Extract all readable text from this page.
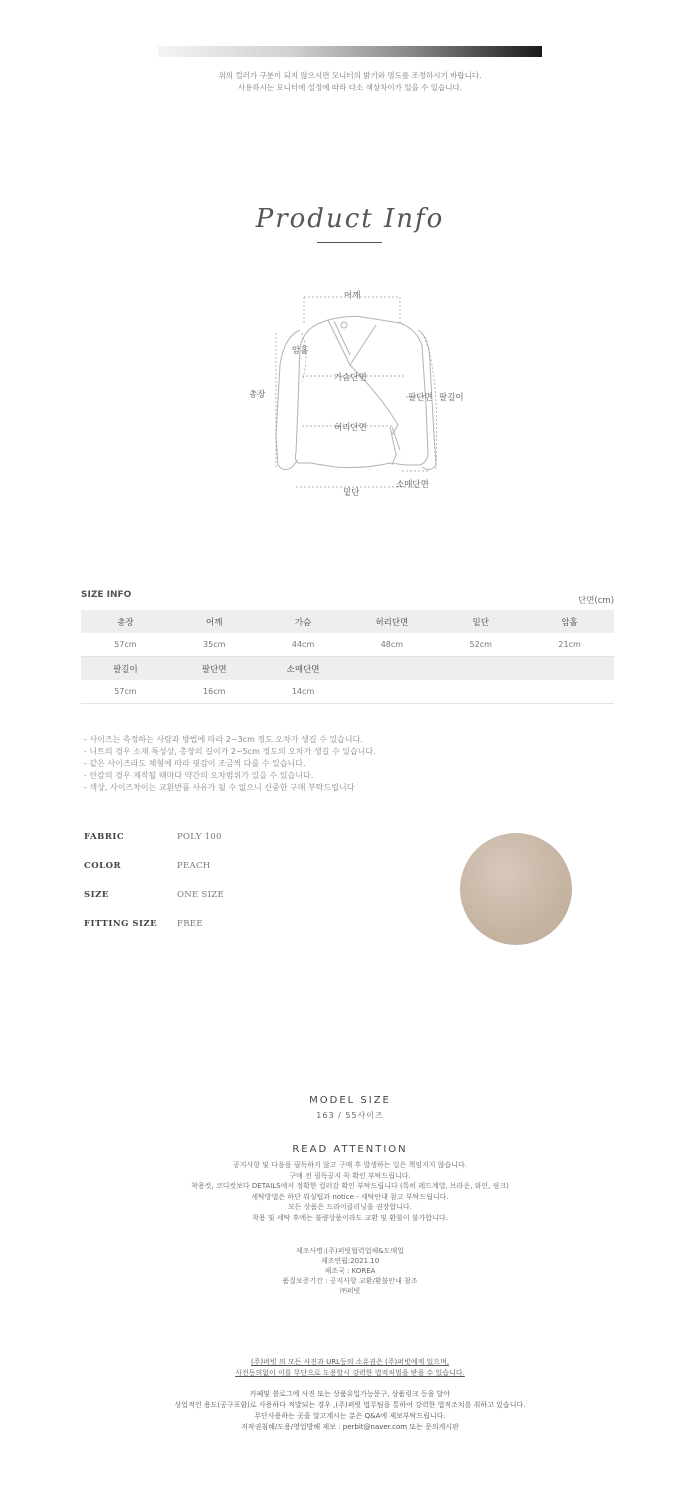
위의 컬러가 구분이 되지 않으시면 모니터의 밝기와 명도를 조정하시기 바랍니다.
사용하시는 모니터에 설정에 따라 다소 색상차이가 있을 수 있습니다.
Product Info
어깨
암홀
가슴단면
총장	팔단면 팔길이
허리단면
밑단
소매단면
SIZE INFO
단면(cm)
총장	어깨	가슴	허리단면	밑단	암홀
57cm	35cm	44cm	48cm	52cm	21cm
팔길이	팔단면	소매단면			
57cm	16cm	14cm			
- 사이즈는 측정하는 사람과 방법에 따라 2~3cm 정도 오차가 생길 수 있습니다.
- 니트의 경우 소재 특성상, 총장의 길이가 2~5cm 정도의 오차가 생길 수 있습니다.
- 같은 사이즈라도 체형에 따라 핏감이 조금씩 다를 수 있습니다.
- 안감의 경우 제작될 때마다 약간의 오차범위가 있을 수 있습니다.
- 색상, 사이즈차이는 교환반품 사유가 될 수 없으니 신중한 구매 부탁드립니다
FABRIC	POLY 100
COLOR	PEACH
SIZE	ONE SIZE
FITTING SIZE FREE
MODEL SIZE
163 / 55사이즈
READ ATTENTION
공지사항 및 다음을 필독하지 않고 구매 후 발생하는 일은 책임지지 않습니다.
구매 전 필독공지 꼭 확인 부탁드립니다.
착용컷, 코디컷보다 DETAILS에서 정확한 컬러감 확인 부탁드립니다 (특히 레드계열, 브라운, 와인, 핑크)
세탁방법은 하단 워싱팁과 notice - 세탁안내 참고 부탁드립니다.
모든 상품은 드라이클리닝을 권장합니다.
착용 및 세탁 후에는 불량상품이라도 교환 및 환불이 불가합니다.
제조사명:(주)퍼빗협력업체&도매업
제조연월:2021.10
제조국 : KOREA
품질보증기간 : 공지사항 교환/환불안내 참조
㈜퍼빗
(주)퍼빗 의 모든 사진과 URL등의 소유권은 (주)퍼빗에게 있으며,
사전동의없이 이를 무단으로 도용할시 강력한 법적처벌을 받을 수 있습니다.
카페및 블로그에 사진 또는 상품유입가능문구, 상품링크 등을 달아
상업적인 용도(공구포함)로 사용하다 적발되는 경우 ,(주)퍼빗 법무팀을 통하여 강력한 법적조치를 취하고 있습니다.
무단사용하는 곳을 알고계시는 분은 Q&A에 제보부탁드립니다.
저작권침해/도용/영업방해 제보 : perbit@naver.com 또는 문의게시판
